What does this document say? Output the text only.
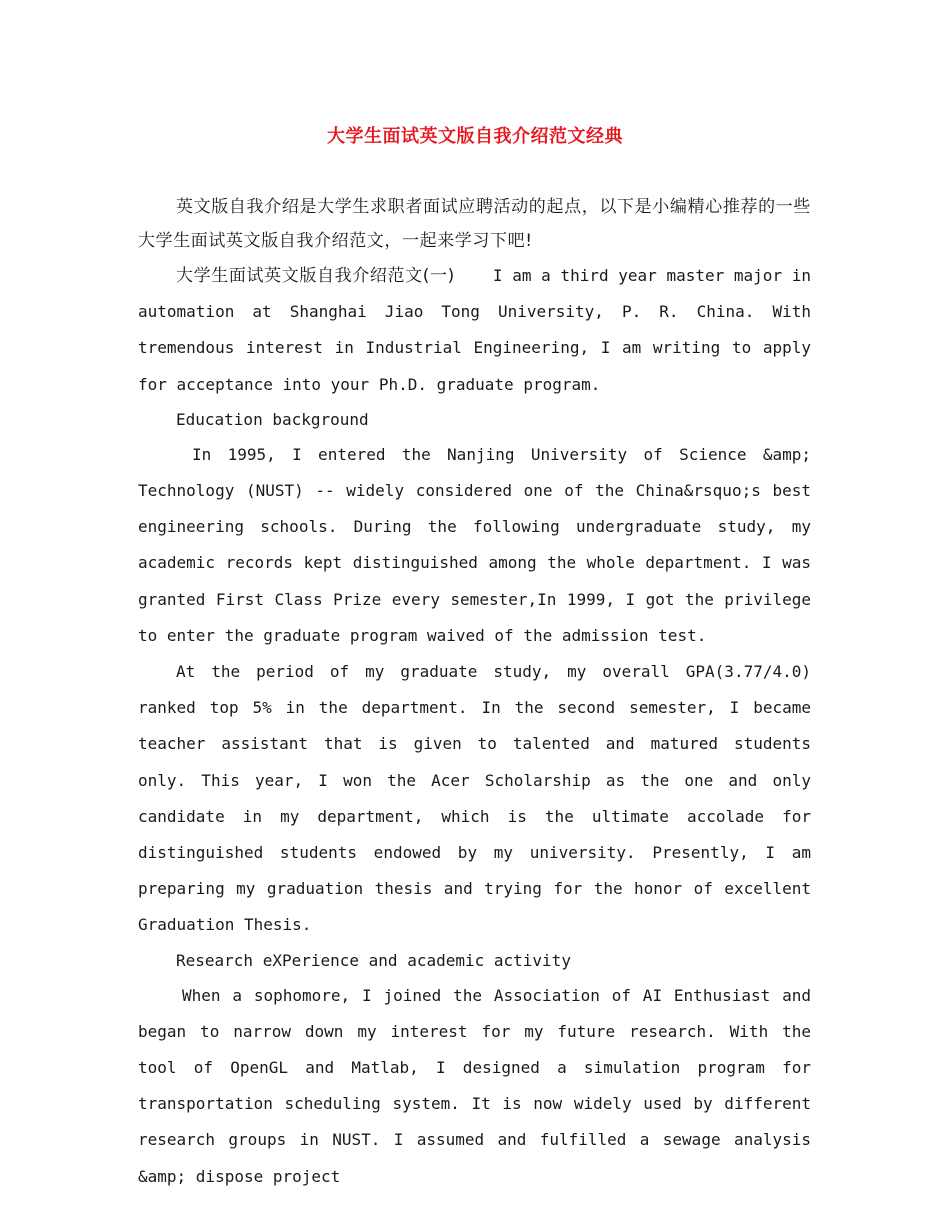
大学生面试英文版自我介绍范文经典

英文版自我介绍是大学生求职者面试应聘活动的起点，以下是小编精心推荐的一些大学生面试英文版自我介绍范文，一起来学习下吧!

大学生面试英文版自我介绍范文(一) I am a third year master major in automation at Shanghai Jiao Tong University, P. R. China. With tremendous interest in Industrial Engineering, I am writing to apply for acceptance into your Ph.D. graduate program.

Education background

In 1995, I entered the Nanjing University of Science &amp; Technology (NUST) -- widely considered one of the China&rsquo;s best engineering schools. During the following undergraduate study, my academic records kept distinguished among the whole department. I was granted First Class Prize every semester,In 1999, I got the privilege to enter the graduate program waived of the admission test.

At the period of my graduate study, my overall GPA(3.77/4.0) ranked top 5% in the department. In the second semester, I became teacher assistant that is given to talented and matured students only. This year, I won the Acer Scholarship as the one and only candidate in my department, which is the ultimate accolade for distinguished students endowed by my university. Presently, I am preparing my graduation thesis and trying for the honor of excellent Graduation Thesis.

Research eXPerience and academic activity

When a sophomore, I joined the Association of AI Enthusiast and began to narrow down my interest for my future research. With the tool of OpenGL and Matlab, I designed a simulation program for transportation scheduling system. It is now widely used by different research groups in NUST. I assumed and fulfilled a sewage analysis &amp; dispose project
